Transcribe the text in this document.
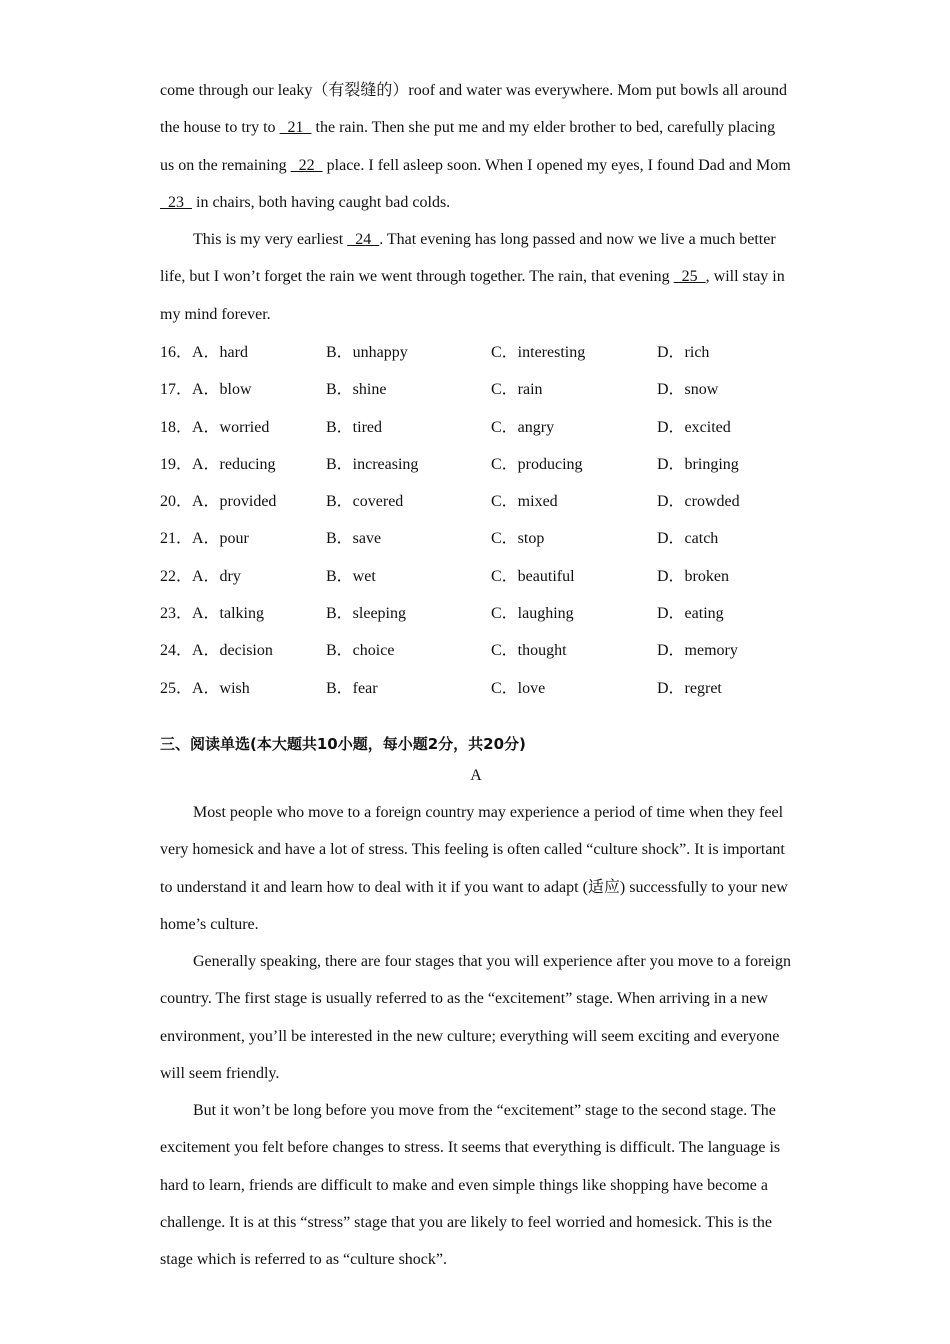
come through our leaky（有裂缝的）roof and water was everywhere. Mom put bowls all around the house to try to   21   the rain. Then she put me and my elder brother to bed, carefully placing us on the remaining   22   place. I fell asleep soon. When I opened my eyes, I found Dad and Mom   23   in chairs, both having caught bad colds.

This is my very earliest   24  . That evening has long passed and now we live a much better life, but I won’t forget the rain we went through together. The rain, that evening   25  , will stay in my mind forever.

16．A．hard	B．unhappy	C．interesting	D．rich
17．A．blow	B．shine	C．rain	D．snow
18．A．worried	B．tired	C．angry	D．excited
19．A．reducing	B．increasing	C．producing	D．bringing
20．A．provided	B．covered	C．mixed	D．crowded
21．A．pour	B．save	C．stop	D．catch
22．A．dry	B．wet	C．beautiful	D．broken
23．A．talking	B．sleeping	C．laughing	D．eating
24．A．decision	B．choice	C．thought	D．memory
25．A．wish	B．fear	C．love	D．regret
三、阅读单选(本大题共10小题，每小题2分，共20分)

A

Most people who move to a foreign country may experience a period of time when they feel very homesick and have a lot of stress. This feeling is often called “culture shock”. It is important to understand it and learn how to deal with it if you want to adapt (适应) successfully to your new home’s culture.

Generally speaking, there are four stages that you will experience after you move to a foreign country. The first stage is usually referred to as the “excitement” stage. When arriving in a new environment, you’ll be interested in the new culture; everything will seem exciting and everyone will seem friendly.

But it won’t be long before you move from the “excitement” stage to the second stage. The excitement you felt before changes to stress. It seems that everything is difficult. The language is hard to learn, friends are difficult to make and even simple things like shopping have become a challenge. It is at this “stress” stage that you are likely to feel worried and homesick. This is the stage which is referred to as “culture shock”.
